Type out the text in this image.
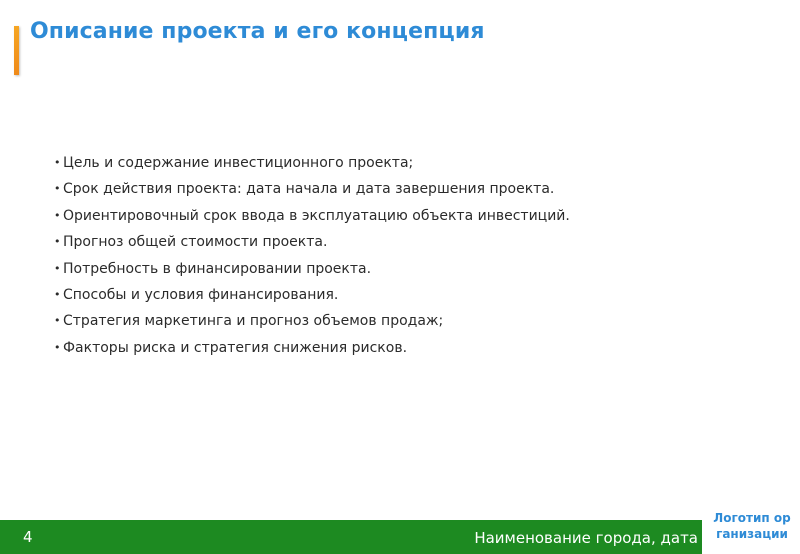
Описание проекта и его концепция
• Цель и содержание инвестиционного проекта;
• Срок действия проекта: дата начала и дата завершения проекта.
• Ориентировочный срок ввода в эксплуатацию объекта инвестиций.
• Прогноз общей стоимости проекта.
• Потребность в финансировании проекта.
• Способы и условия финансирования.
• Стратегия маркетинга и прогноз объемов продаж;
• Факторы риска и стратегия снижения рисков.
4	Наименование города, дата
Логотип организации
